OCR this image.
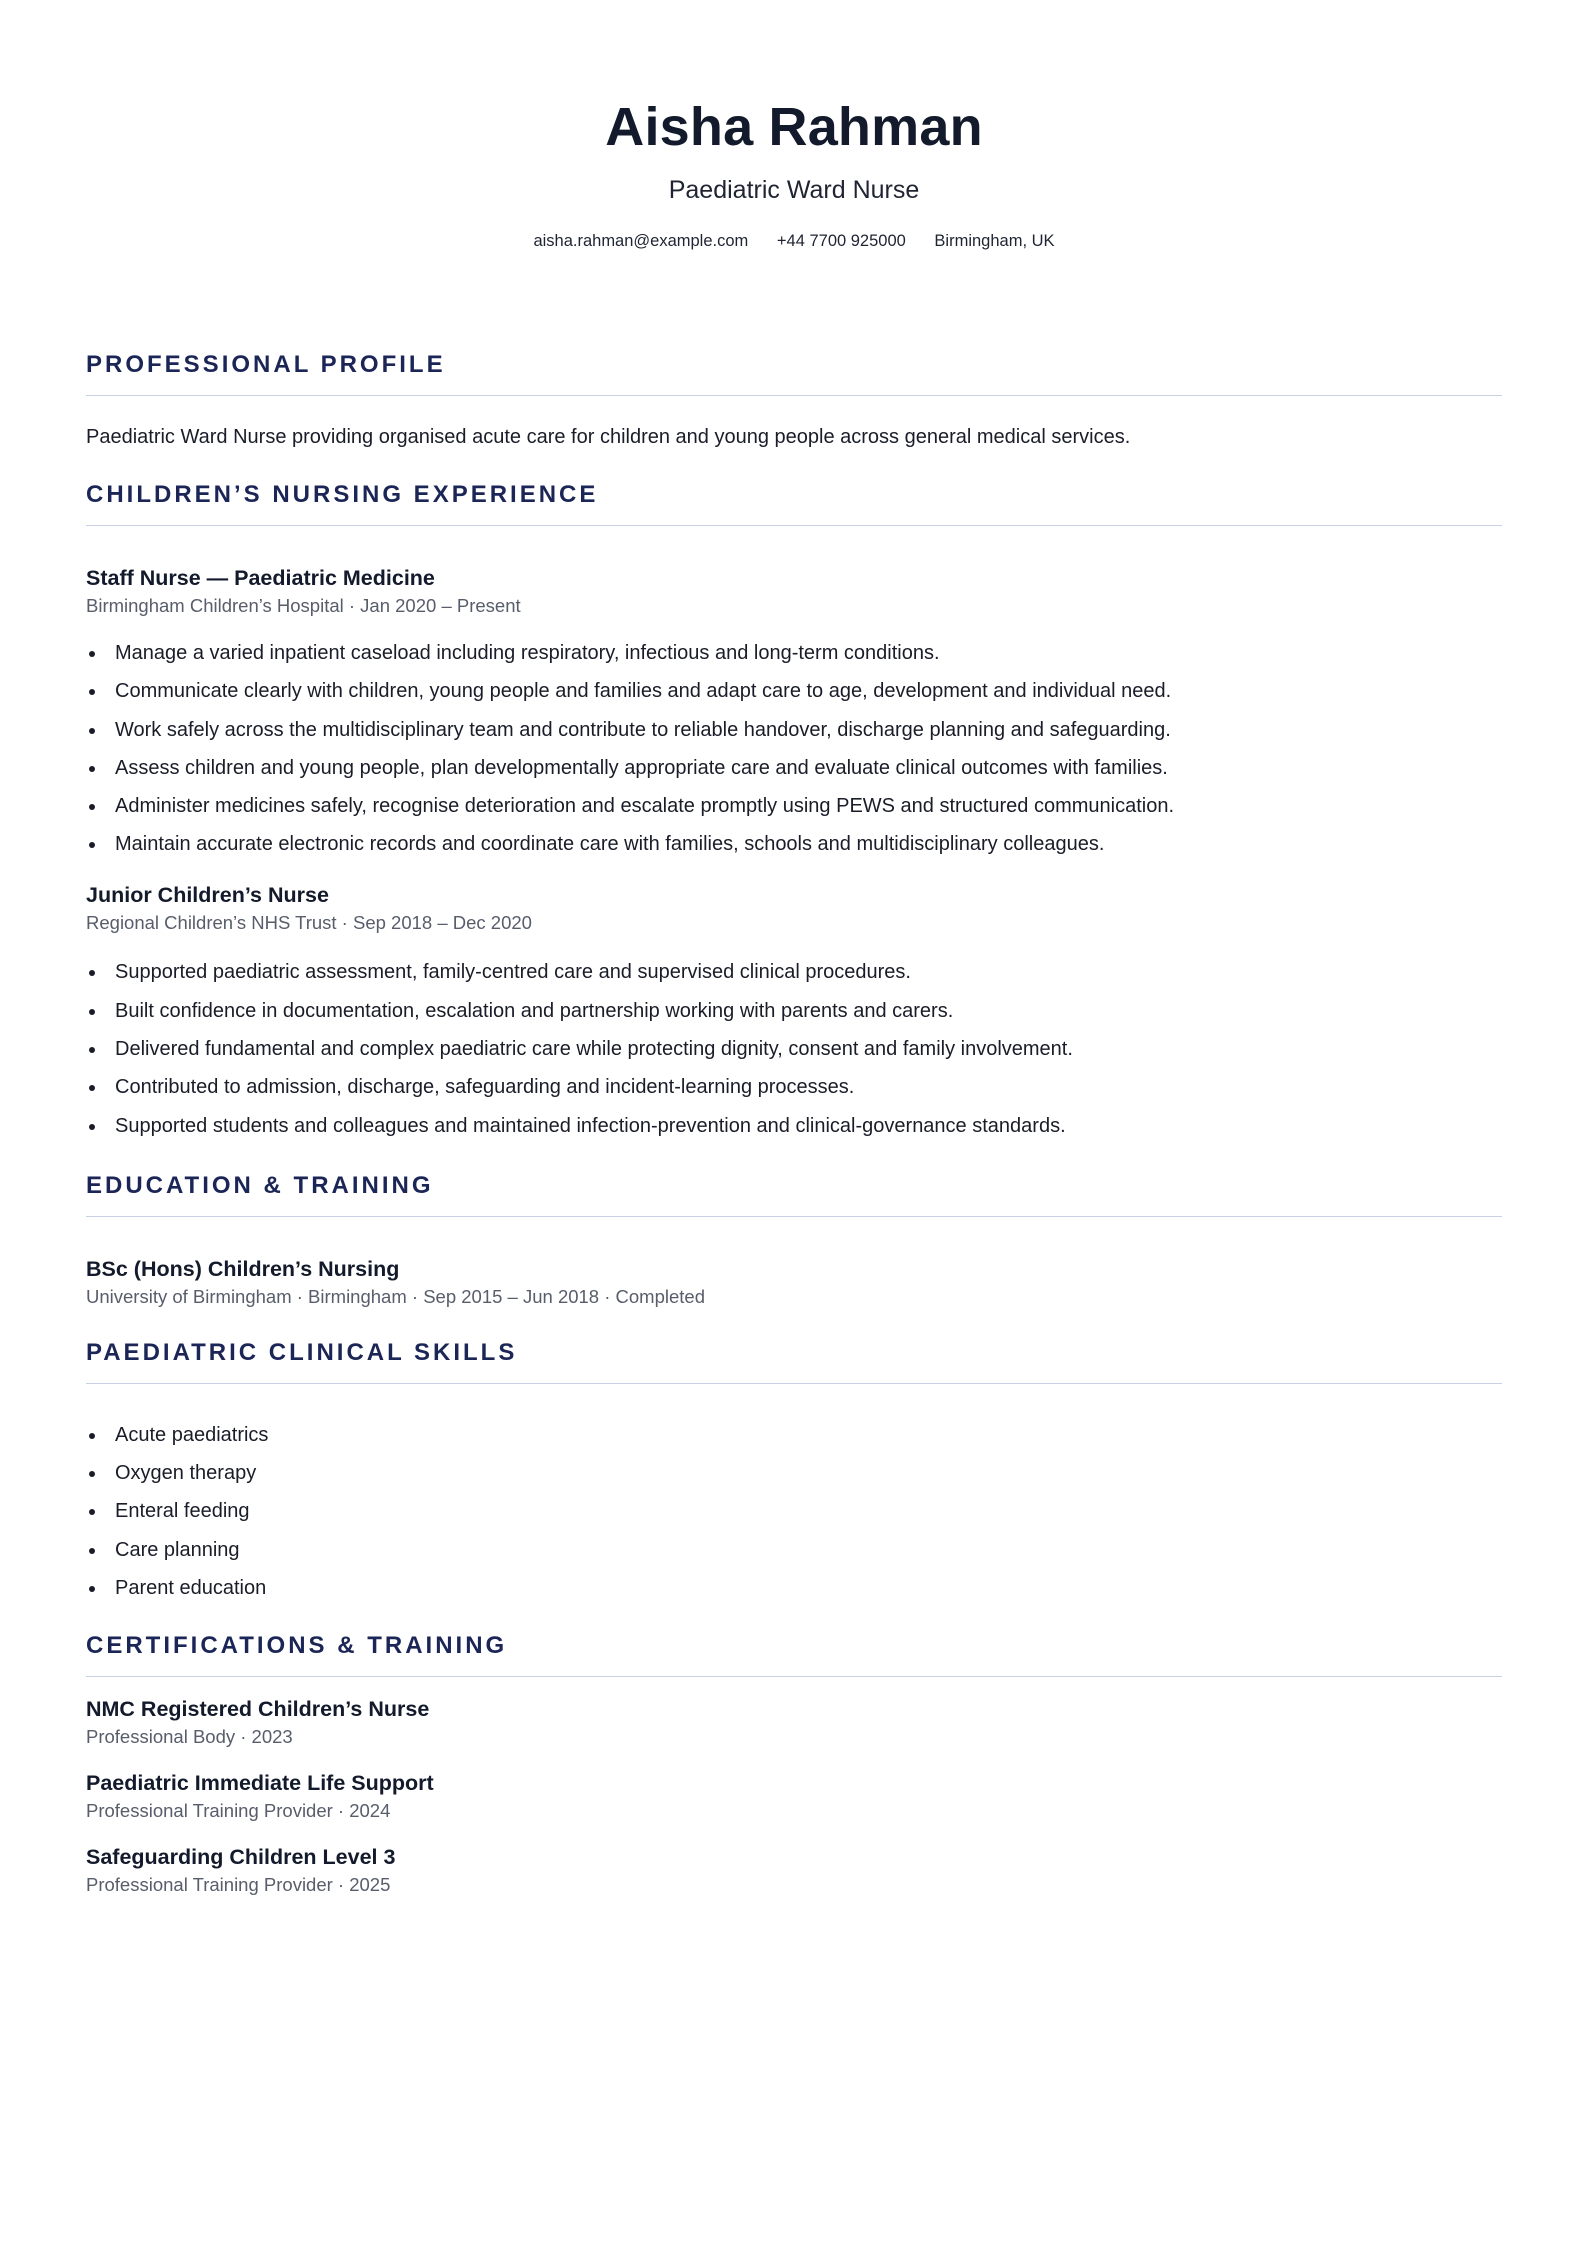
Aisha Rahman
Paediatric Ward Nurse
aisha.rahman@example.com +44 7700 925000 Birmingham, UK
PROFESSIONAL PROFILE

Paediatric Ward Nurse providing organised acute care for children and young people across general medical services.

CHILDREN’S NURSING EXPERIENCE
Staff Nurse — Paediatric Medicine
Birmingham Children’s Hospital · Jan 2020 – Present
Manage a varied inpatient caseload including respiratory, infectious and long-term conditions.
Communicate clearly with children, young people and families and adapt care to age, development and individual need.
Work safely across the multidisciplinary team and contribute to reliable handover, discharge planning and safeguarding.
Assess children and young people, plan developmentally appropriate care and evaluate clinical outcomes with families.
Administer medicines safely, recognise deterioration and escalate promptly using PEWS and structured communication.
Maintain accurate electronic records and coordinate care with families, schools and multidisciplinary colleagues.
Junior Children’s Nurse
Regional Children’s NHS Trust · Sep 2018 – Dec 2020
Supported paediatric assessment, family-centred care and supervised clinical procedures.
Built confidence in documentation, escalation and partnership working with parents and carers.
Delivered fundamental and complex paediatric care while protecting dignity, consent and family involvement.
Contributed to admission, discharge, safeguarding and incident-learning processes.
Supported students and colleagues and maintained infection-prevention and clinical-governance standards.
EDUCATION & TRAINING
BSc (Hons) Children’s Nursing
University of Birmingham · Birmingham · Sep 2015 – Jun 2018 · Completed
PAEDIATRIC CLINICAL SKILLS
Acute paediatrics
Oxygen therapy
Enteral feeding
Care planning
Parent education
CERTIFICATIONS & TRAINING
NMC Registered Children’s Nurse
Professional Body · 2023
Paediatric Immediate Life Support
Professional Training Provider · 2024
Safeguarding Children Level 3
Professional Training Provider · 2025
